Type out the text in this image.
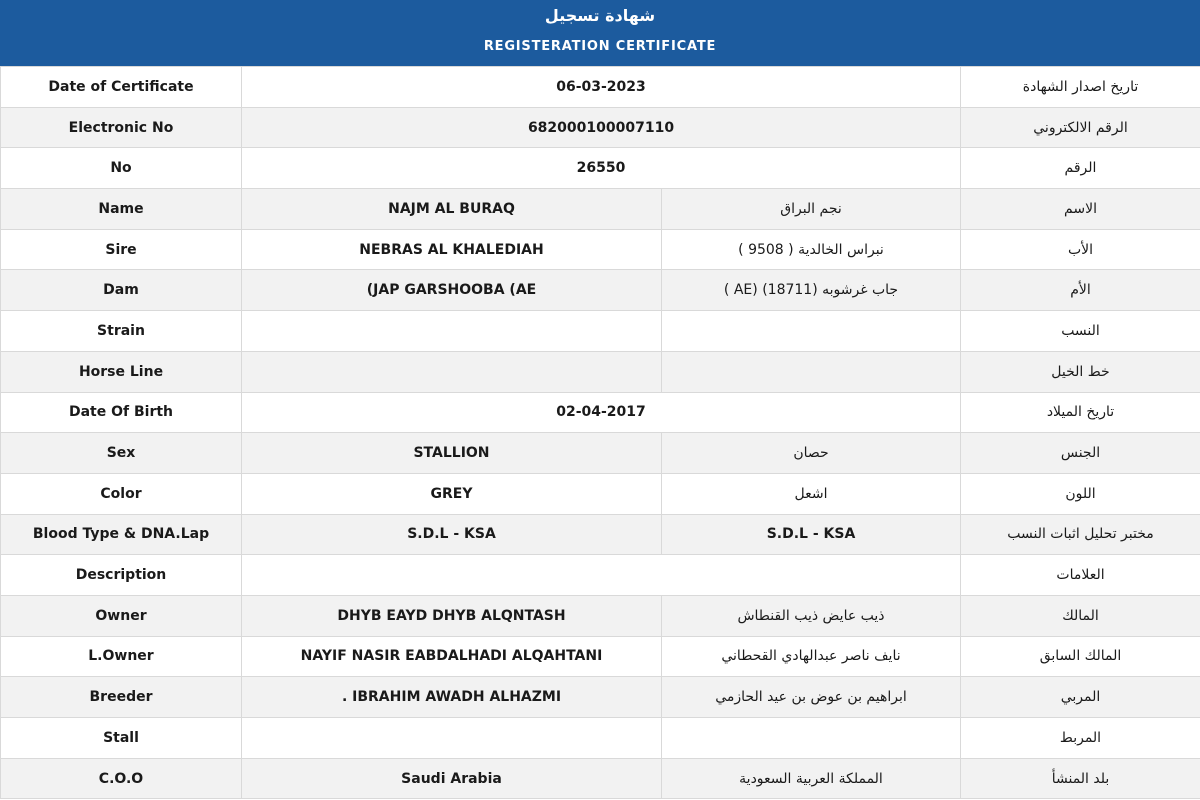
شهادة تسجيل
REGISTERATION CERTIFICATE
Date of Certificate	06-03-2023		تاريخ اصدار الشهادة
Electronic No	682000100007110		الرقم الالكتروني
No	26550		الرقم
Name	NAJM AL BURAQ	نجم البراق	الاسم
Sire	NEBRAS AL KHALEDIAH	نبراس الخالدية ( 9508 )	الأب
Dam	(JAP GARSHOOBA (AE	جاب غرشوبه (18711) (AE )	الأم
Strain			النسب
Horse Line			خط الخيل
Date Of Birth	02-04-2017		تاريخ الميلاد
Sex	STALLION	حصان	الجنس
Color	GREY	اشعل	اللون
Blood Type & DNA.Lap	S.D.L - KSA	S.D.L - KSA	مختبر تحليل اثبات النسب
Description			العلامات
Owner	DHYB EAYD DHYB ALQNTASH	ذيب عايض ذيب القنطاش	المالك
L.Owner	NAYIF NASIR EABDALHADI ALQAHTANI	نايف ناصر عبدالهادي القحطاني	المالك السابق
Breeder	. IBRAHIM AWADH ALHAZMI	ابراهيم بن عوض بن عيد الحازمي	المربي
Stall			المربط
C.O.O	Saudi Arabia	المملكة العربية السعودية	بلد المنشأ
